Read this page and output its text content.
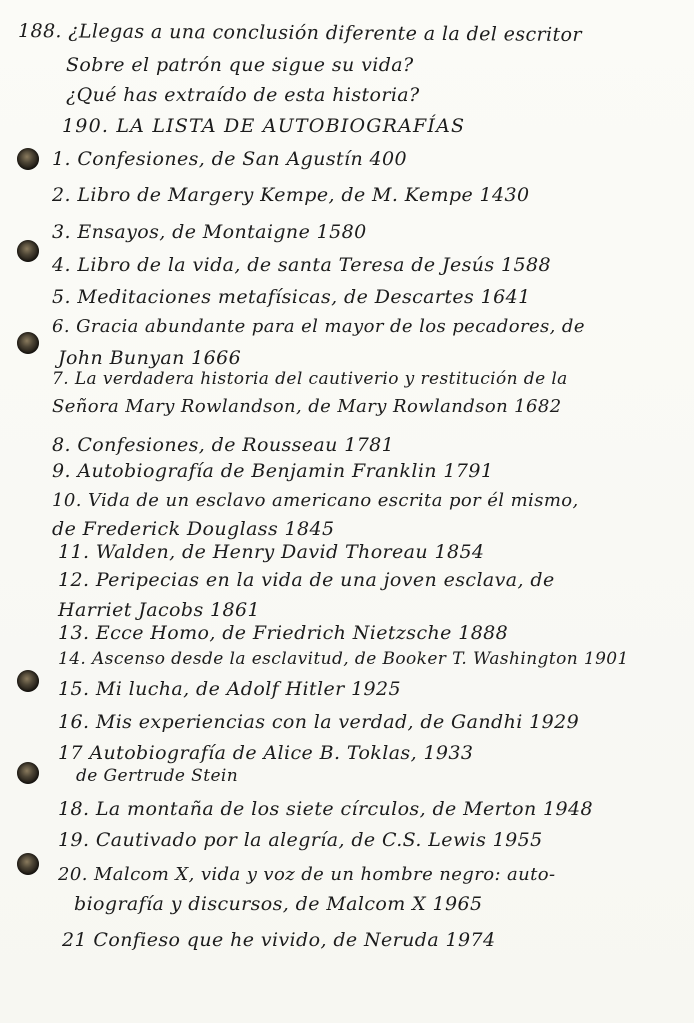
188. ¿Llegas a una conclusión diferente a la del escritor
Sobre el patrón que sigue su vida?
¿Qué has extraído de esta historia?
190. LA LISTA DE AUTOBIOGRAFÍAS
1. Confesiones, de San Agustín 400
2. Libro de Margery Kempe, de M. Kempe 1430
3. Ensayos, de Montaigne 1580
4. Libro de la vida, de santa Teresa de Jesús 1588
5. Meditaciones metafísicas, de Descartes 1641
6. Gracia abundante para el mayor de los pecadores, de
John Bunyan 1666
7. La verdadera historia del cautiverio y restitución de la
Señora Mary Rowlandson, de Mary Rowlandson 1682
8. Confesiones, de Rousseau 1781
9. Autobiografía de Benjamin Franklin 1791
10. Vida de un esclavo americano escrita por él mismo,
de Frederick Douglass 1845
11. Walden, de Henry David Thoreau 1854
12. Peripecias en la vida de una joven esclava, de
Harriet Jacobs 1861
13. Ecce Homo, de Friedrich Nietzsche 1888
14. Ascenso desde la esclavitud, de Booker T. Washington 1901
15. Mi lucha, de Adolf Hitler 1925
16. Mis experiencias con la verdad, de Gandhi 1929
17 Autobiografía de Alice B. Toklas, 1933
de Gertrude Stein
18. La montaña de los siete círculos, de Merton 1948
19. Cautivado por la alegría, de C.S. Lewis 1955
20. Malcom X, vida y voz de un hombre negro: auto-
biografía y discursos, de Malcom X 1965
21 Confieso que he vivido, de Neruda 1974
